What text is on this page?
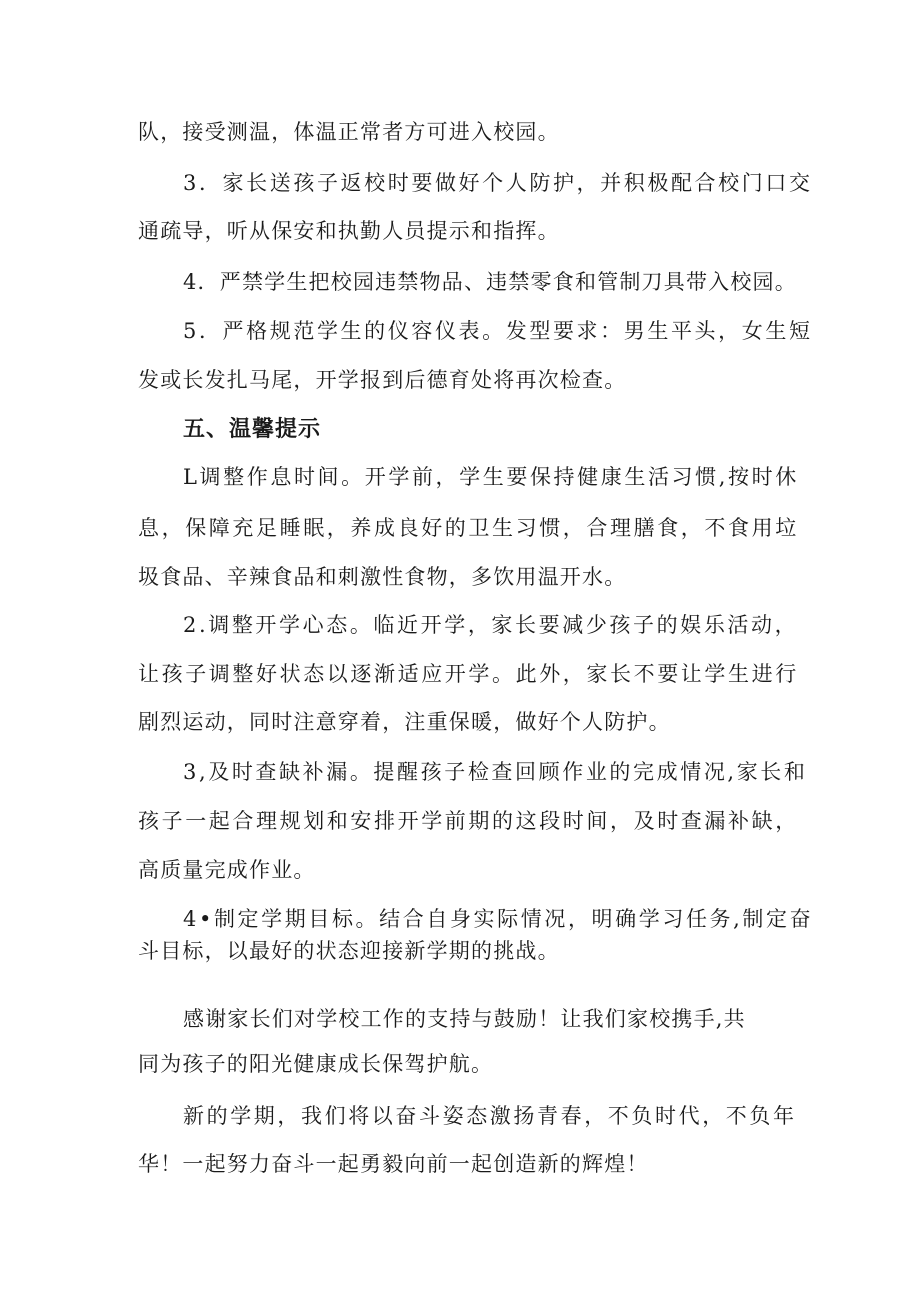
队，接受测温，体温正常者方可进入校园。
3．家长送孩子返校时要做好个人防护，并积极配合校门口交
通疏导，听从保安和执勤人员提示和指挥。
4．严禁学生把校园违禁物品、违禁零食和管制刀具带入校园。
5．严格规范学生的仪容仪表。发型要求：男生平头，女生短
发或长发扎马尾，开学报到后德育处将再次检查。
五、温馨提示
L调整作息时间。开学前，学生要保持健康生活习惯,按时休
息，保障充足睡眠，养成良好的卫生习惯，合理膳食，不食用垃
圾食品、辛辣食品和刺激性食物，多饮用温开水。
2.调整开学心态。临近开学，家长要减少孩子的娱乐活动，
让孩子调整好状态以逐渐适应开学。此外，家长不要让学生进行
剧烈运动，同时注意穿着，注重保暖，做好个人防护。
3,及时查缺补漏。提醒孩子检查回顾作业的完成情况,家长和
孩子一起合理规划和安排开学前期的这段时间，及时查漏补缺，
高质量完成作业。
4•制定学期目标。结合自身实际情况，明确学习任务,制定奋
斗目标，以最好的状态迎接新学期的挑战。
感谢家长们对学校工作的支持与鼓励！让我们家校携手,共
同为孩子的阳光健康成长保驾护航。
新的学期，我们将以奋斗姿态激扬青春，不负时代，不负年
华！一起努力奋斗一起勇毅向前一起创造新的辉煌！
